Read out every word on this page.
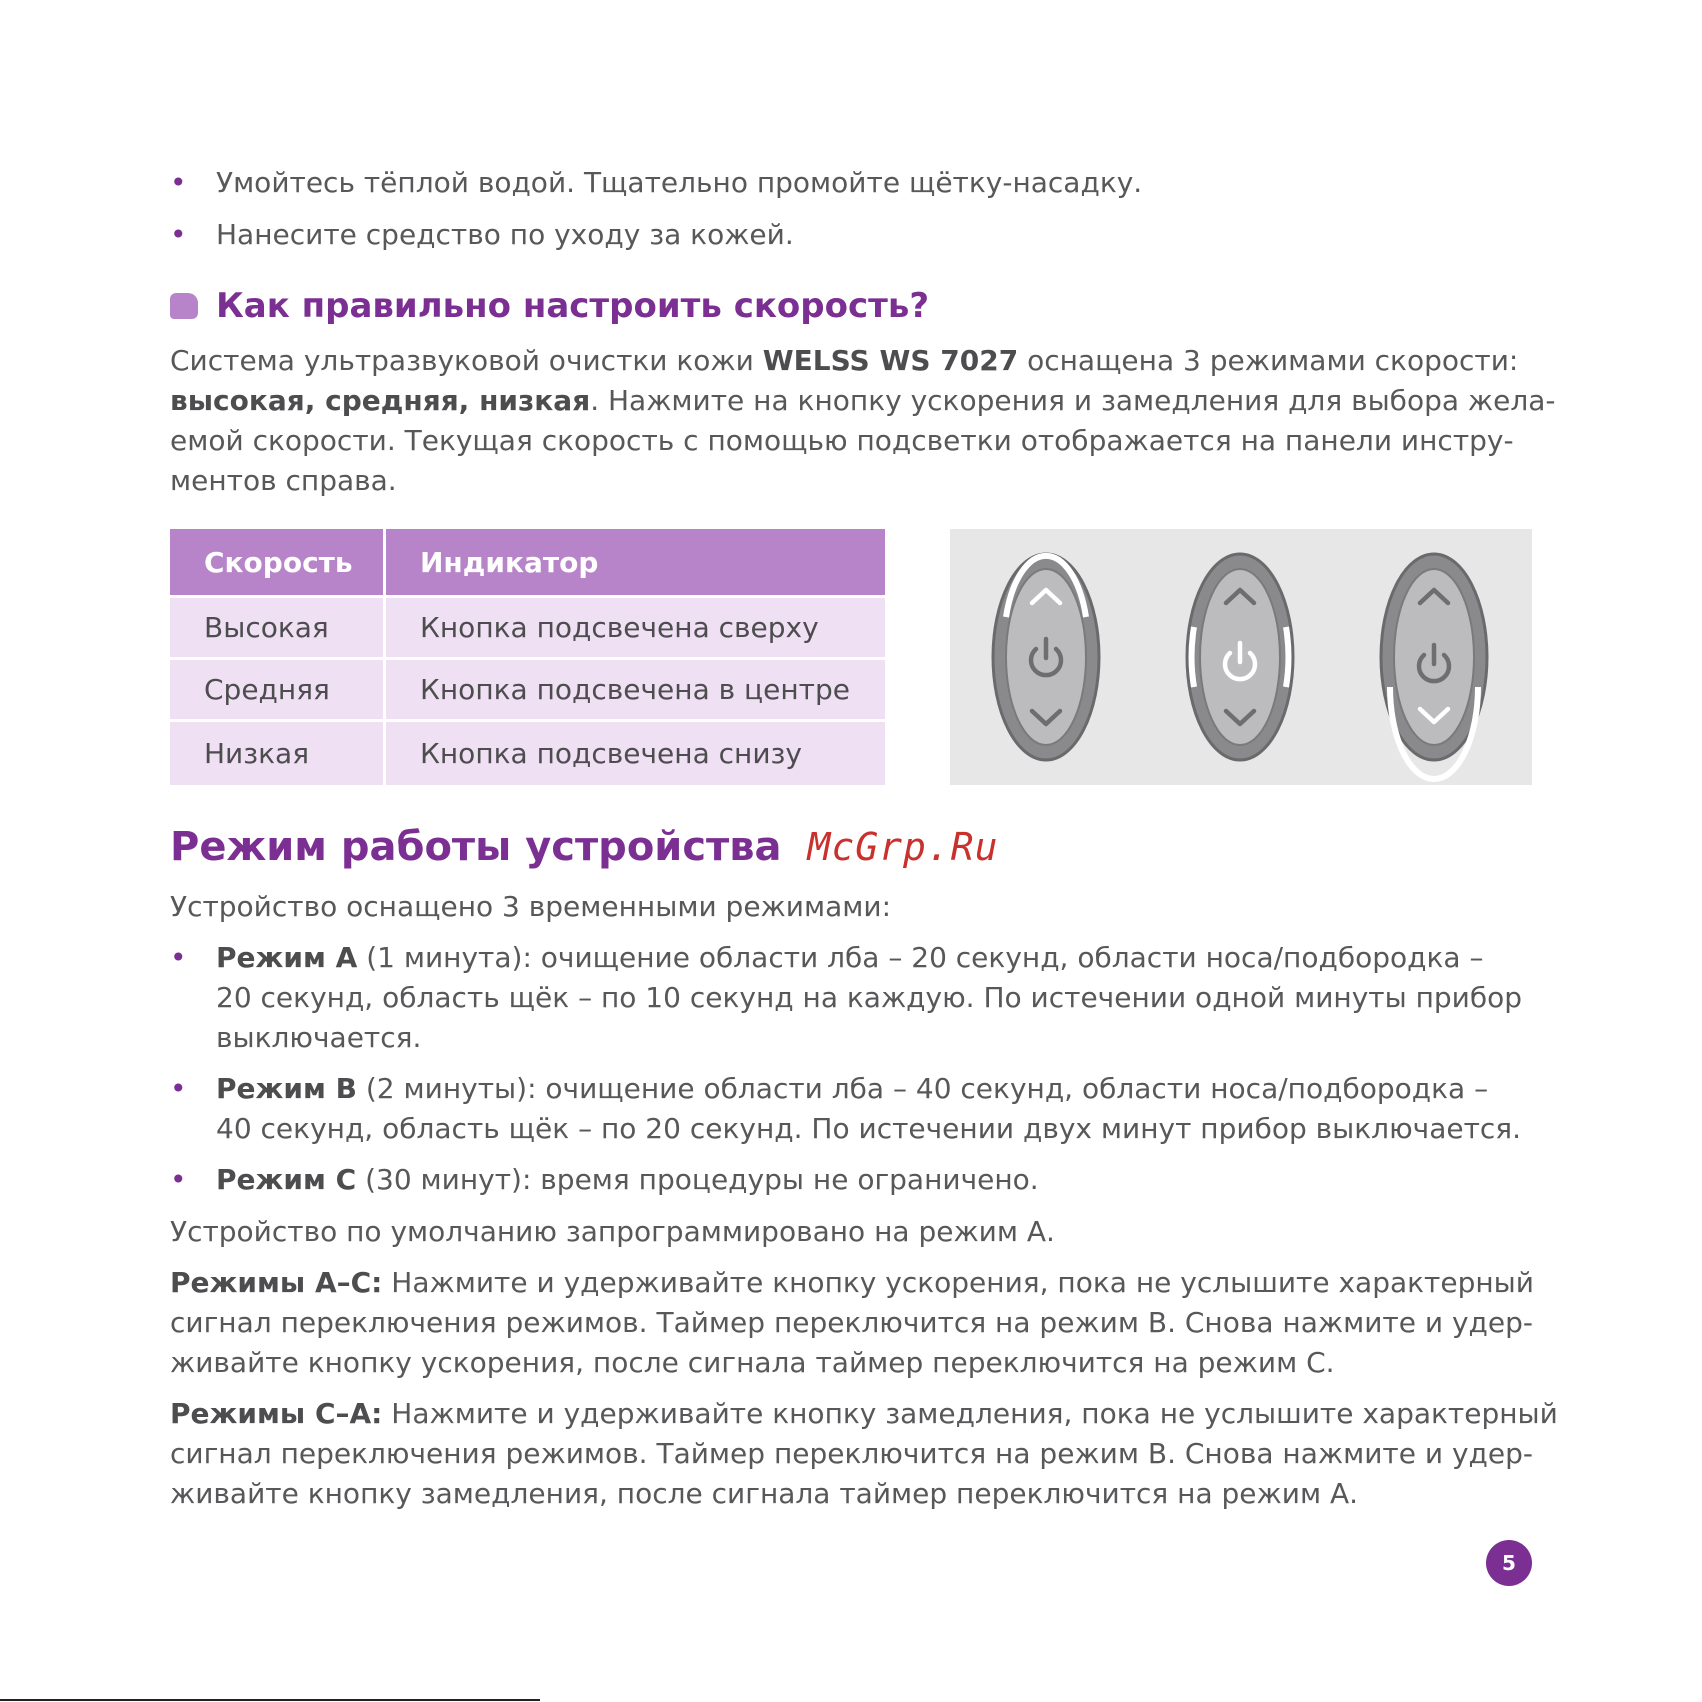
• Умойтесь тёплой водой. Тщательно промойте щётку-насадку.
• Нанесите средство по уходу за кожей.
Как правильно настроить скорость?
Система ультразвуковой очистки кожи WELSS WS 7027 оснащена 3 режимами скорости:
высокая, средняя, низкая. Нажмите на кнопку ускорения и замедления для выбора жела-
емой скорости. Текущая скорость с помощью подсветки отображается на панели инстру-
ментов справа.
Скорость	Индикатор
Высокая	Кнопка подсвечена сверху
Средняя	Кнопка подсвечена в центре
Низкая	Кнопка подсвечена снизу
Режим работы устройства McGrp.Ru
Устройство оснащено 3 временными режимами:
• Режим А (1 минута): очищение области лба – 20 секунд, области носа/подбородка –
20 секунд, область щёк – по 10 секунд на каждую. По истечении одной минуты прибор
выключается.
• Режим В (2 минуты): очищение области лба – 40 секунд, области носа/подбородка –
40 секунд, область щёк – по 20 секунд. По истечении двух минут прибор выключается.
• Режим С (30 минут): время процедуры не ограничено.
Устройство по умолчанию запрограммировано на режим А.
Режимы А–С: Нажмите и удерживайте кнопку ускорения, пока не услышите характерный
сигнал переключения режимов. Таймер переключится на режим В. Снова нажмите и удер-
живайте кнопку ускорения, после сигнала таймер переключится на режим С.
Режимы С–А: Нажмите и удерживайте кнопку замедления, пока не услышите характерный
сигнал переключения режимов. Таймер переключится на режим В. Снова нажмите и удер-
живайте кнопку замедления, после сигнала таймер переключится на режим А.
5
